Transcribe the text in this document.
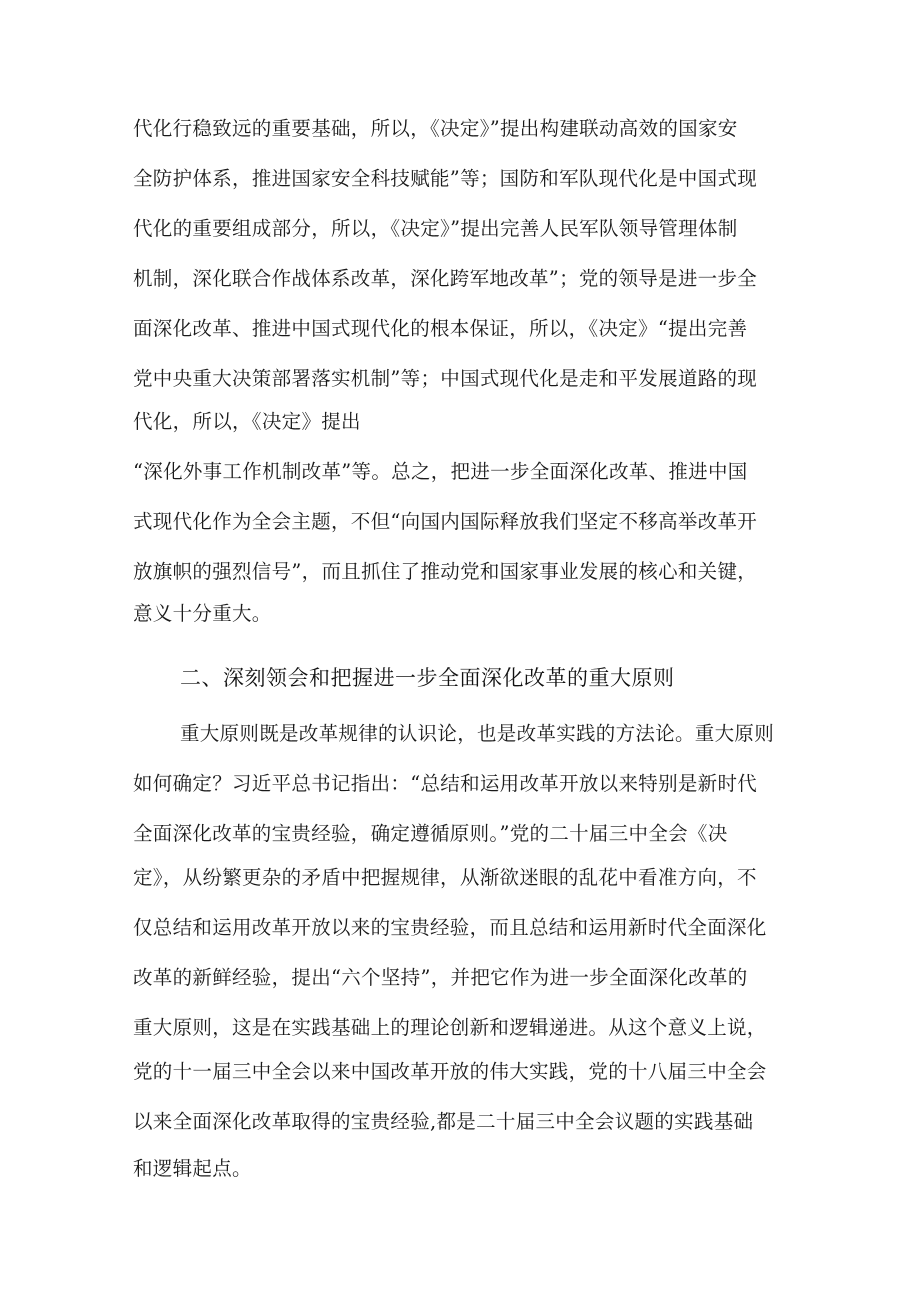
代化行稳致远的重要基础，所以，《决定》”提出构建联动高效的国家安
全防护体系，推进国家安全科技赋能”等；国防和军队现代化是中国式现
代化的重要组成部分，所以，《决定》”提出完善人民军队领导管理体制
机制，深化联合作战体系改革，深化跨军地改革”；党的领导是进一步全
面深化改革、推进中国式现代化的根本保证，所以，《决定》“提出完善
党中央重大决策部署落实机制”等；中国式现代化是走和平发展道路的现
代化，所以，《决定》提出
“深化外事工作机制改革”等。总之，把进一步全面深化改革、推进中国
式现代化作为全会主题，不但“向国内国际释放我们坚定不移高举改革开
放旗帜的强烈信号”，而且抓住了推动党和国家事业发展的核心和关键，
意义十分重大。
二、深刻领会和把握进一步全面深化改革的重大原则
重大原则既是改革规律的认识论，也是改革实践的方法论。重大原则
如何确定？习近平总书记指出：“总结和运用改革开放以来特别是新时代
全面深化改革的宝贵经验，确定遵循原则。”党的二十届三中全会《决
定》，从纷繁更杂的矛盾中把握规律，从渐欲迷眼的乱花中看准方向，不
仅总结和运用改革开放以来的宝贵经验，而且总结和运用新时代全面深化
改革的新鲜经验，提出“六个坚持”，并把它作为进一步全面深化改革的
重大原则，这是在实践基础上的理论创新和逻辑递进。从这个意义上说，
党的十一届三中全会以来中国改革开放的伟大实践，党的十八届三中全会
以来全面深化改革取得的宝贵经验,都是二十届三中全会议题的实践基础
和逻辑起点。
